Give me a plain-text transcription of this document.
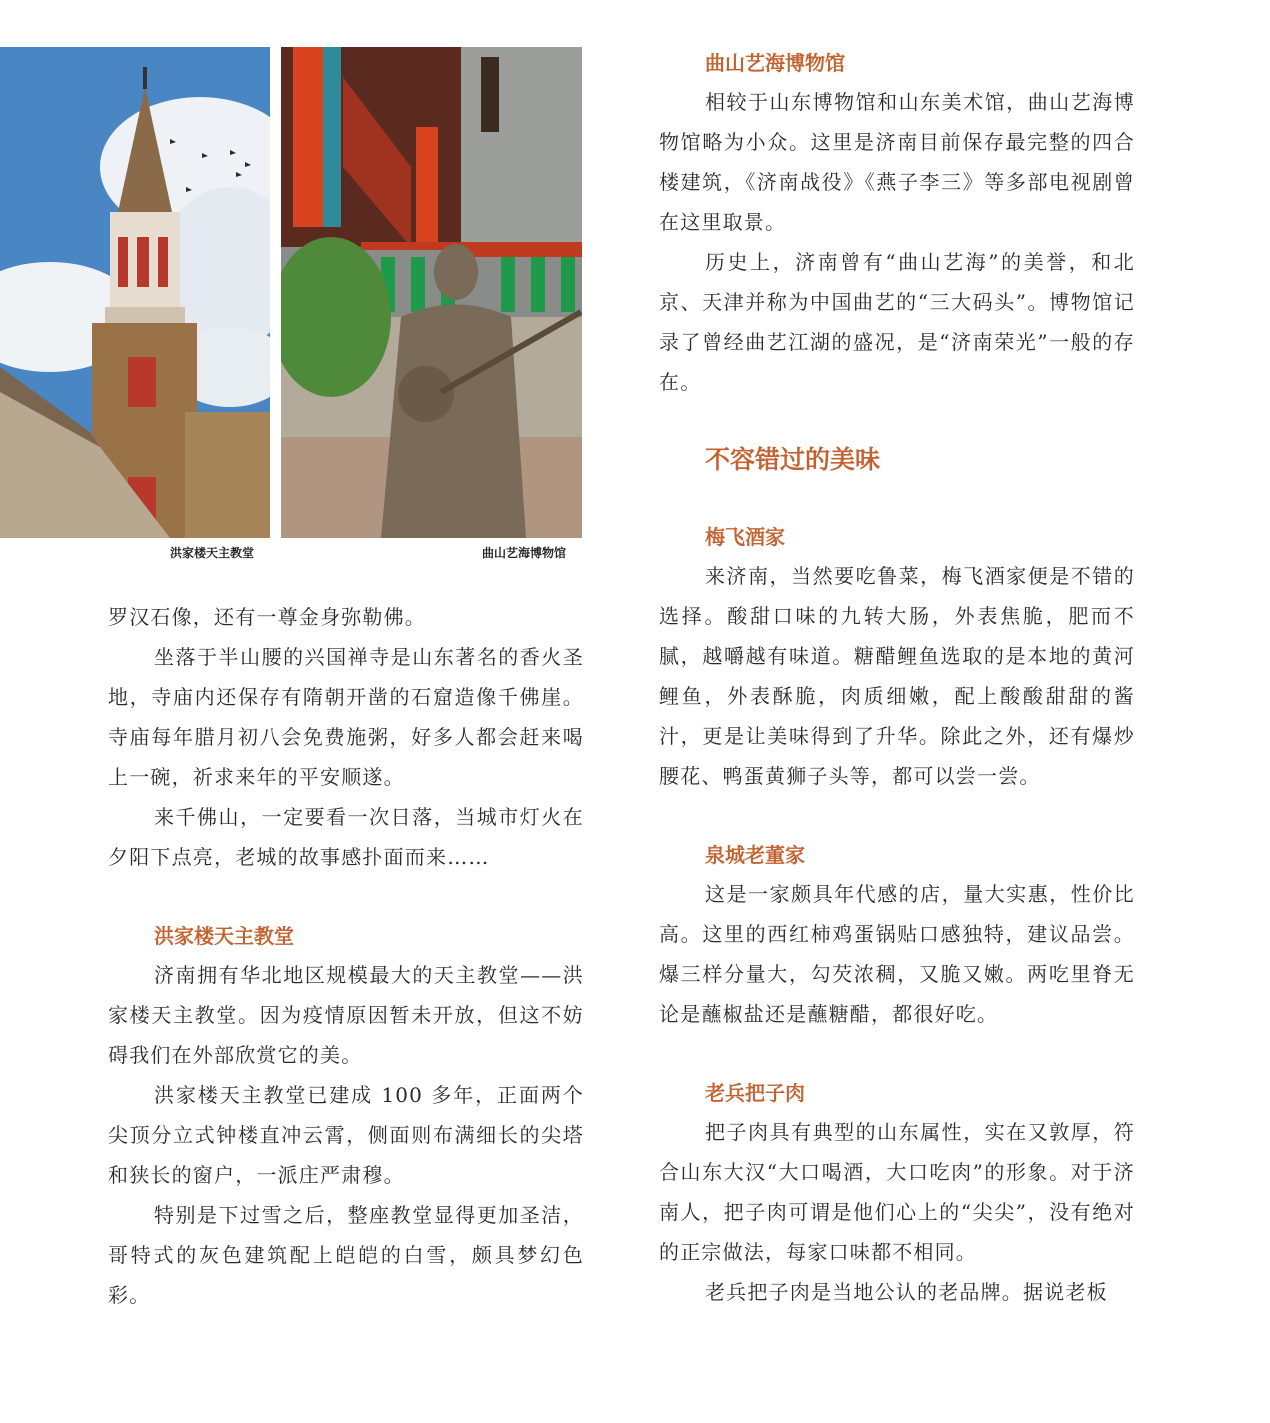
洪家楼天主教堂	曲山艺海博物馆

罗汉石像，还有一尊金身弥勒佛。

坐落于半山腰的兴国禅寺是山东著名的香火圣地，寺庙内还保存有隋朝开凿的石窟造像千佛崖。寺庙每年腊月初八会免费施粥，好多人都会赶来喝上一碗，祈求来年的平安顺遂。

来千佛山，一定要看一次日落，当城市灯火在夕阳下点亮，老城的故事感扑面而来……

洪家楼天主教堂

济南拥有华北地区规模最大的天主教堂——洪家楼天主教堂。因为疫情原因暂未开放，但这不妨碍我们在外部欣赏它的美。

洪家楼天主教堂已建成 100 多年，正面两个尖顶分立式钟楼直冲云霄，侧面则布满细长的尖塔和狭长的窗户，一派庄严肃穆。

特别是下过雪之后，整座教堂显得更加圣洁，哥特式的灰色建筑配上皑皑的白雪，颇具梦幻色彩。

曲山艺海博物馆

相较于山东博物馆和山东美术馆，曲山艺海博物馆略为小众。这里是济南目前保存最完整的四合楼建筑，《济南战役》《燕子李三》等多部电视剧曾在这里取景。

历史上，济南曾有“曲山艺海”的美誉，和北京、天津并称为中国曲艺的“三大码头”。博物馆记录了曾经曲艺江湖的盛况，是“济南荣光”一般的存在。

不容错过的美味
梅飞酒家

来济南，当然要吃鲁菜，梅飞酒家便是不错的选择。酸甜口味的九转大肠，外表焦脆，肥而不腻，越嚼越有味道。糖醋鲤鱼选取的是本地的黄河鲤鱼，外表酥脆，肉质细嫩，配上酸酸甜甜的酱汁，更是让美味得到了升华。除此之外，还有爆炒腰花、鸭蛋黄狮子头等，都可以尝一尝。

泉城老董家

这是一家颇具年代感的店，量大实惠，性价比高。这里的西红柿鸡蛋锅贴口感独特，建议品尝。爆三样分量大，勾芡浓稠，又脆又嫩。两吃里脊无论是蘸椒盐还是蘸糖醋，都很好吃。

老兵把子肉

把子肉具有典型的山东属性，实在又敦厚，符合山东大汉“大口喝酒，大口吃肉”的形象。对于济南人，把子肉可谓是他们心上的“尖尖”，没有绝对的正宗做法，每家口味都不相同。

老兵把子肉是当地公认的老品牌。据说老板
